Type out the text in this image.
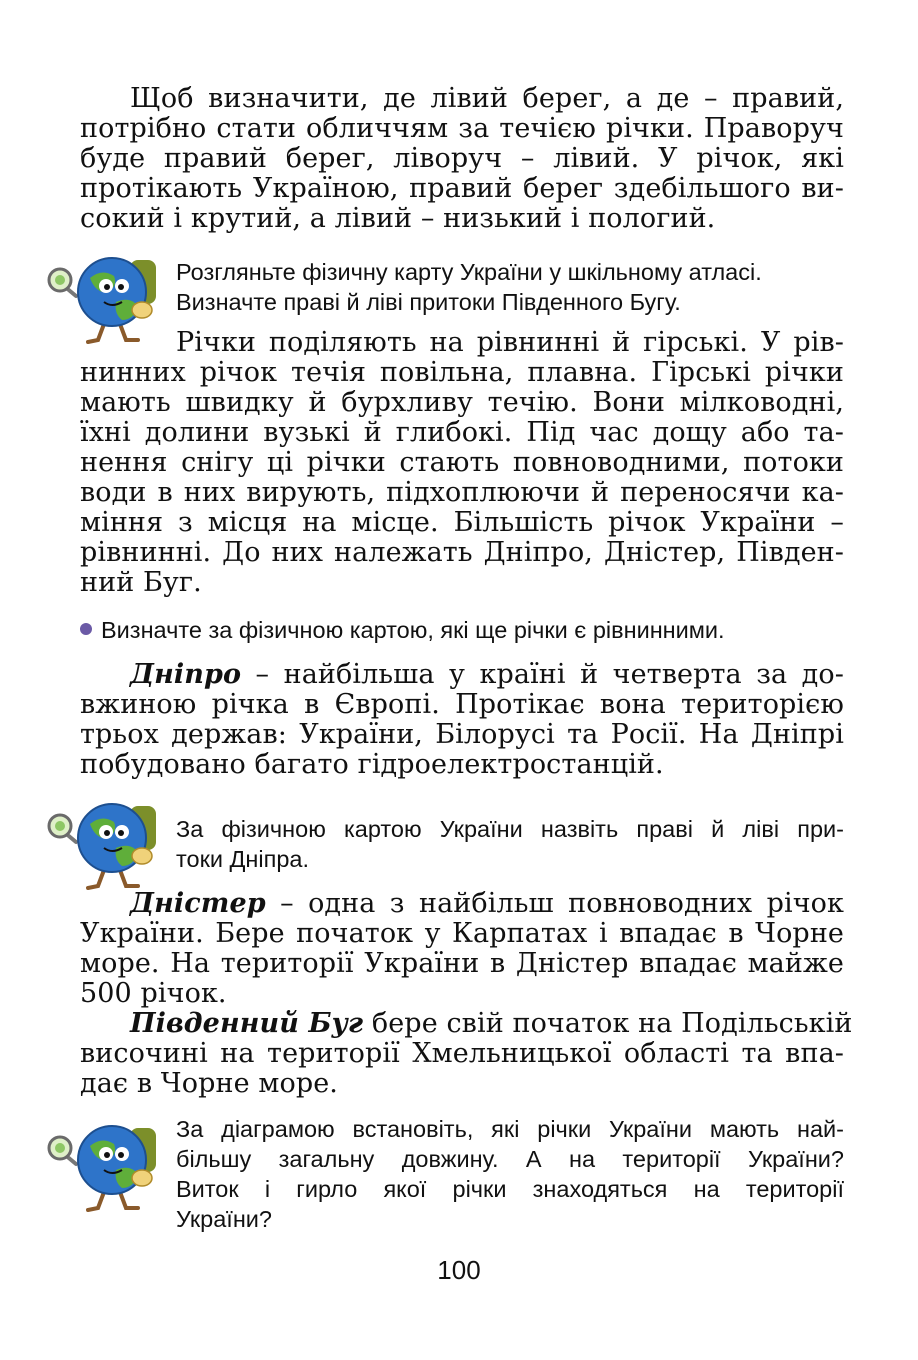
Щоб визначити, де лівий берег, а де – правий,
потрібно стати обличчям за течією річки. Праворуч
буде правий берег, ліворуч – лівий. У річок, які
протікають Україною, правий берег здебільшого ви-
сокий і крутий, а лівий – низький і пологий.
Розгляньте фізичну карту України у шкільному атласі.
Визначте праві й ліві притоки Південного Бугу.
Річки поділяють на рівнинні й гірські. У рів-
нинних річок течія повільна, плавна. Гірські річки
мають швидку й бурхливу течію. Вони мілководні,
їхні долини вузькі й глибокі. Під час дощу або та-
нення снігу ці річки стають повноводними, потоки
води в них вирують, підхоплюючи й переносячи ка-
міння з місця на місце. Більшість річок України –
рівнинні. До них належать Дніпро, Дністер, Півден-
ний Буг.
Визначте за фізичною картою, які ще річки є рівнинними.
Дніпро – найбільша у країні й четверта за до-
вжиною річка в Європі. Протікає вона територією
трьох держав: України, Білорусі та Росії. На Дніпрі
побудовано багато гідроелектростанцій.
За фізичною картою України назвіть праві й ліві при-
токи Дніпра.
Дністер – одна з найбільш повноводних річок
України. Бере початок у Карпатах і впадає в Чорне
море. На території України в Дністер впадає майже
500 річок.
Південний Буг бере свій початок на Подільській
височині на території Хмельницької області та впа-
дає в Чорне море.
За діаграмою встановіть, які річки України мають най-
більшу загальну довжину. А на території України?
Виток і гирло якої річки знаходяться на території
України?
100
